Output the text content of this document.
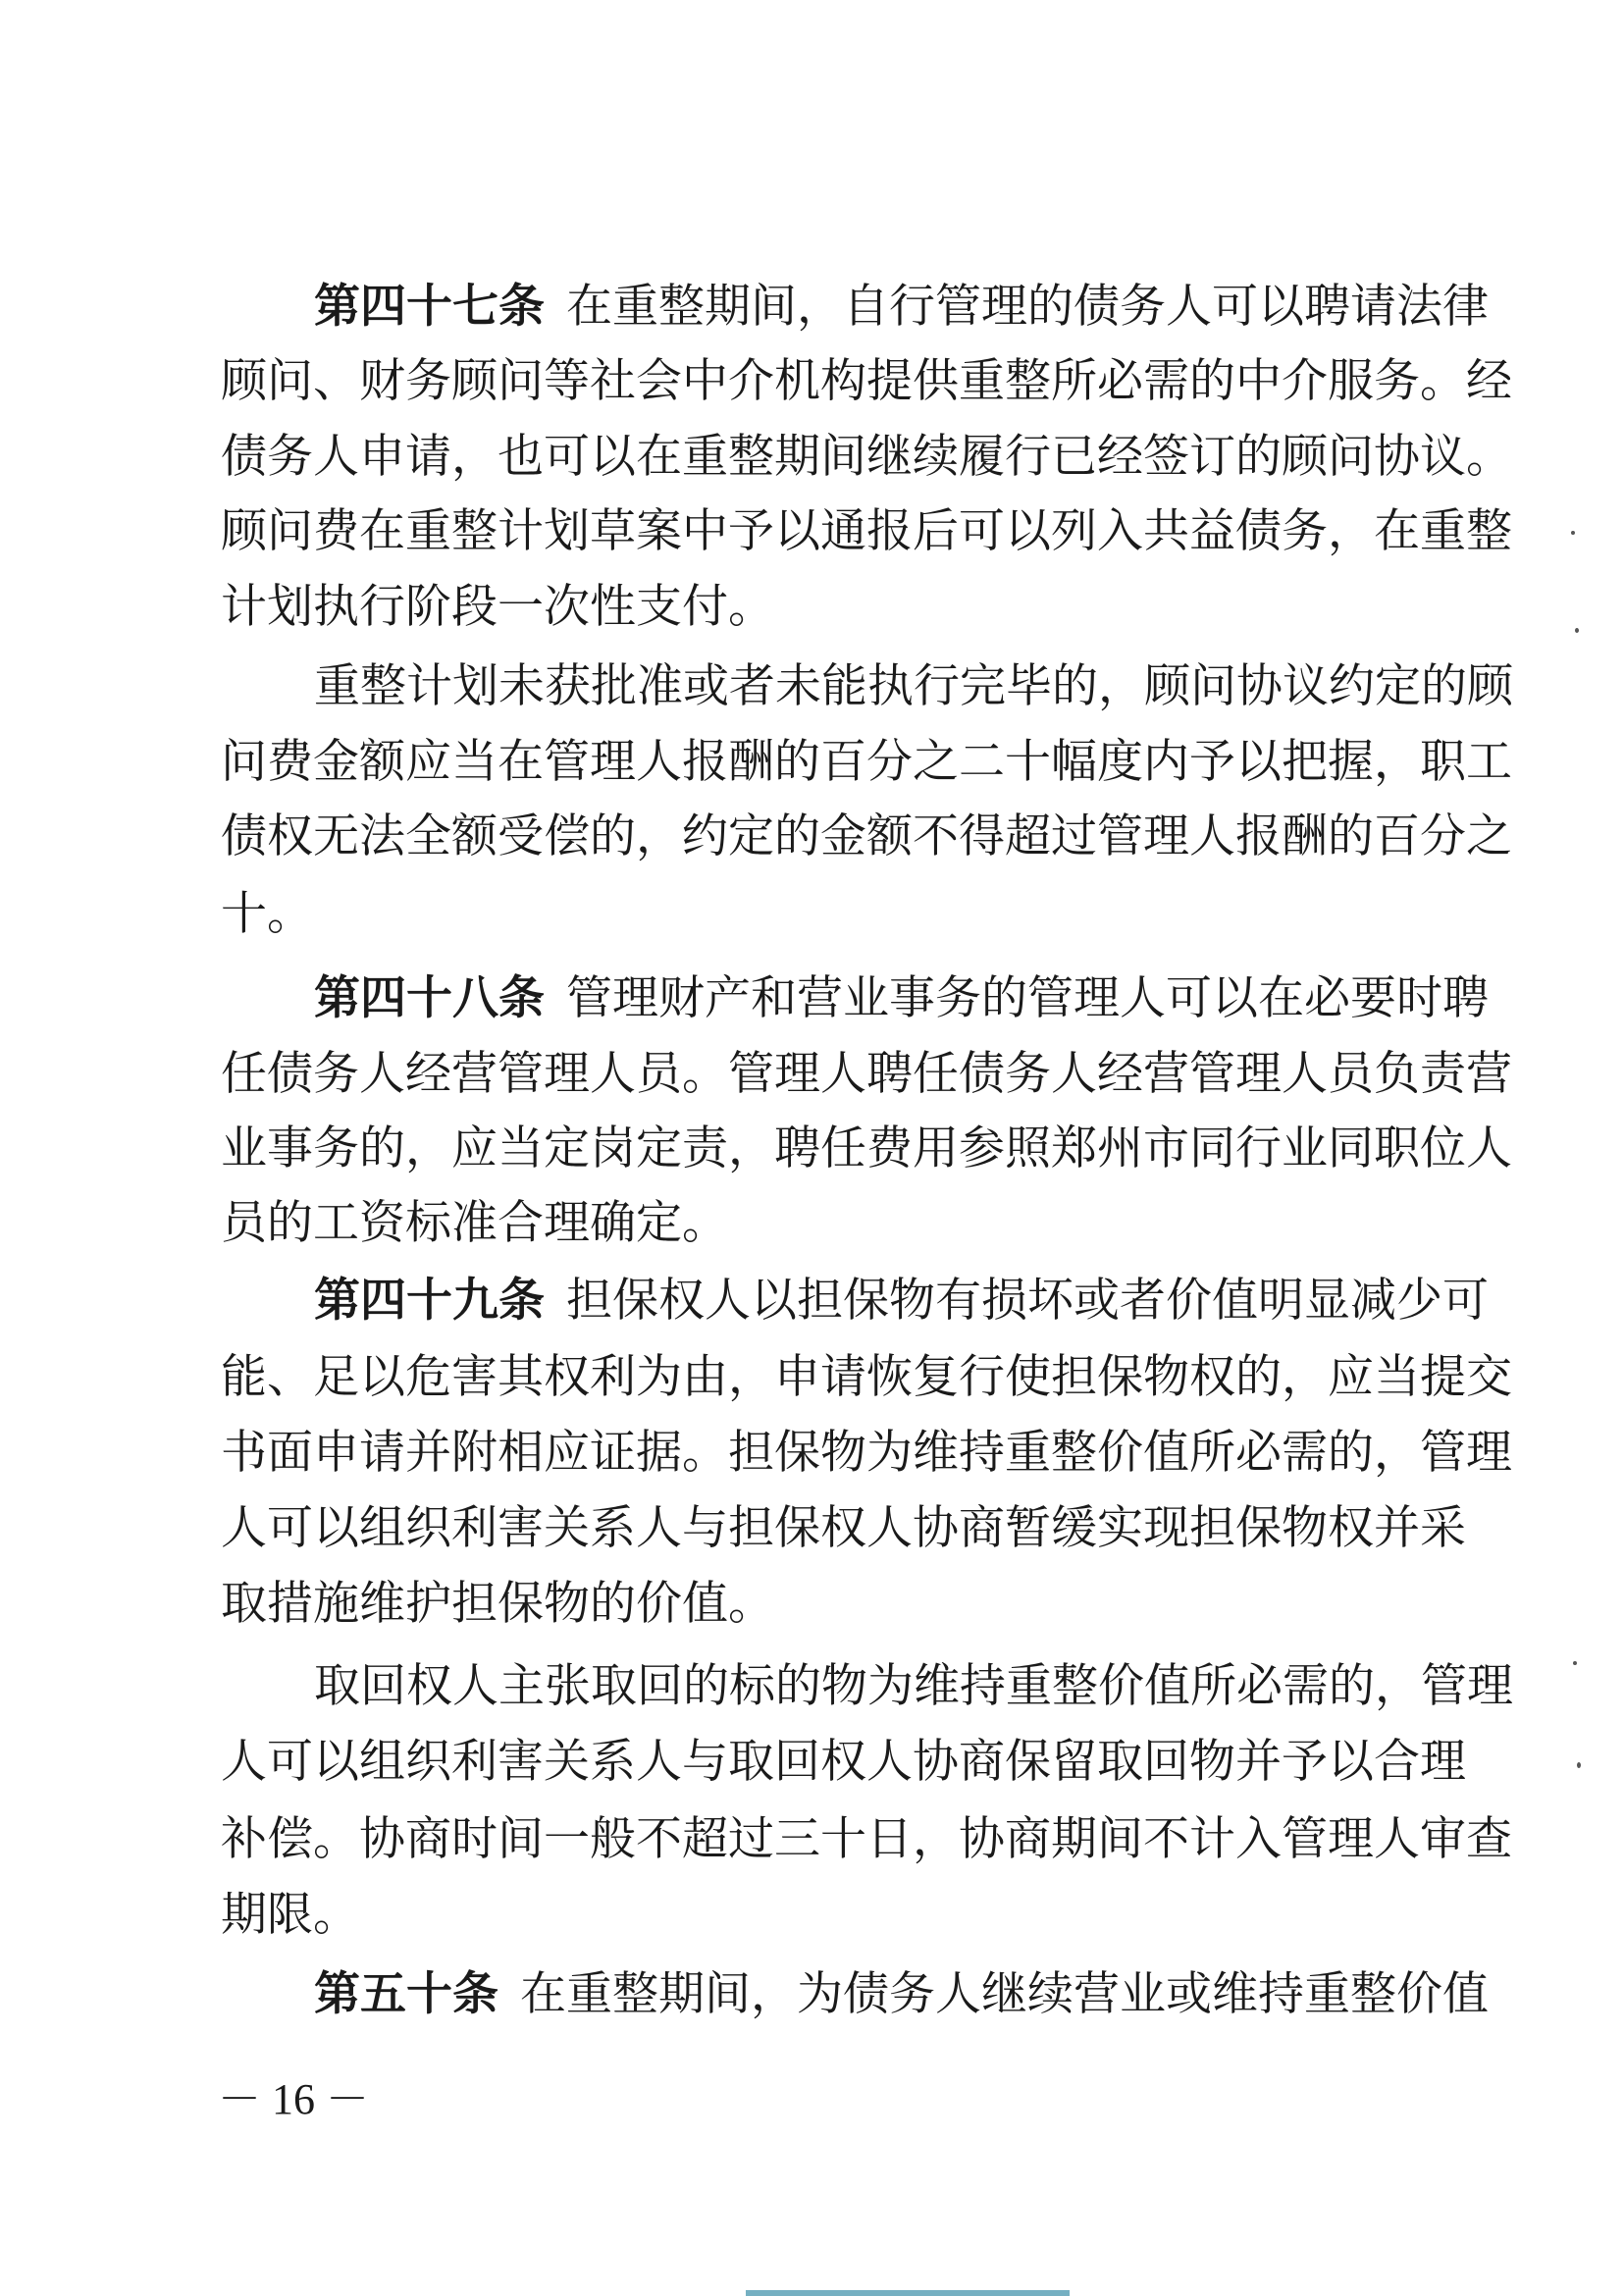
第四十七条 在重整期间，自行管理的债务人可以聘请法律
顾问、财务顾问等社会中介机构提供重整所必需的中介服务。经
债务人申请，也可以在重整期间继续履行已经签订的顾问协议。
顾问费在重整计划草案中予以通报后可以列入共益债务，在重整
计划执行阶段一次性支付。
重整计划未获批准或者未能执行完毕的，顾问协议约定的顾
问费金额应当在管理人报酬的百分之二十幅度内予以把握，职工
债权无法全额受偿的，约定的金额不得超过管理人报酬的百分之
十。
第四十八条 管理财产和营业事务的管理人可以在必要时聘
任债务人经营管理人员。管理人聘任债务人经营管理人员负责营
业事务的，应当定岗定责，聘任费用参照郑州市同行业同职位人
员的工资标准合理确定。
第四十九条 担保权人以担保物有损坏或者价值明显减少可
能、足以危害其权利为由，申请恢复行使担保物权的，应当提交
书面申请并附相应证据。担保物为维持重整价值所必需的，管理
人可以组织利害关系人与担保权人协商暂缓实现担保物权并采
取措施维护担保物的价值。
取回权人主张取回的标的物为维持重整价值所必需的，管理
人可以组织利害关系人与取回权人协商保留取回物并予以合理
补偿。协商时间一般不超过三十日，协商期间不计入管理人审查
期限。
第五十条 在重整期间，为债务人继续营业或维持重整价值
－ 16 －
